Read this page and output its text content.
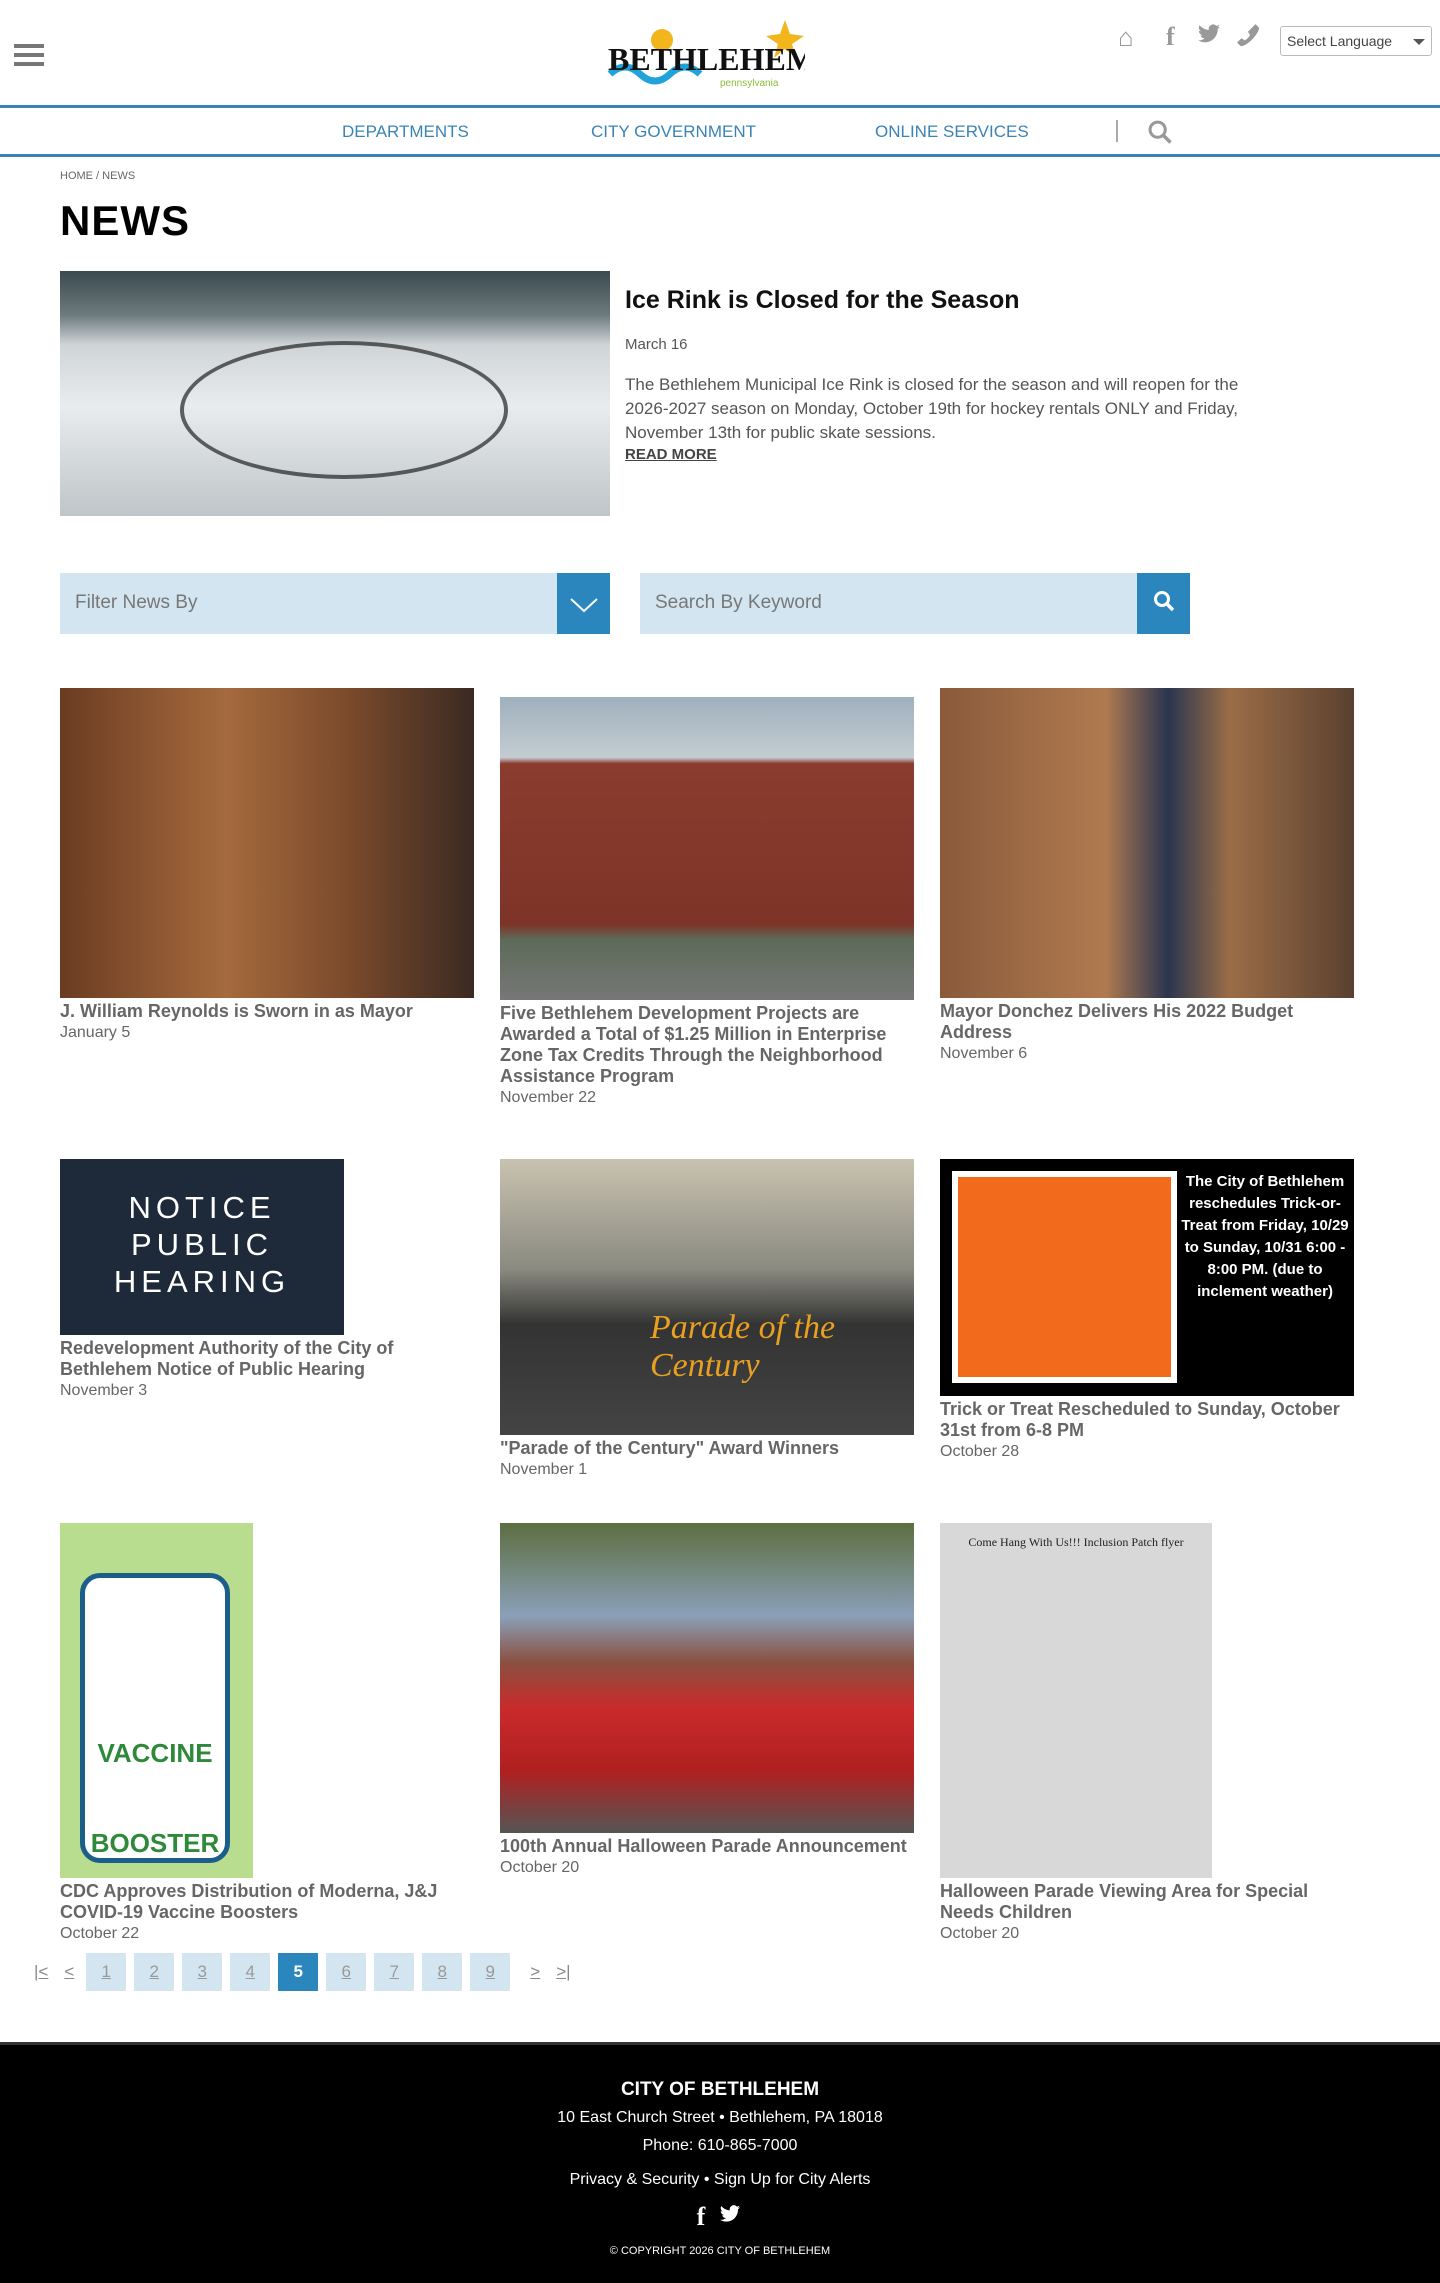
BETHLEHEM
pennsylvania
⌂ f	Select Language
DEPARTMENTS	CITY GOVERNMENT	ONLINE SERVICES
HOME / NEWS
NEWS
Ice Rink is Closed for the Season
March 16
The Bethlehem Municipal Ice Rink is closed for the season and will reopen for the 2026-2027 season on Monday, October 19th for hockey rentals ONLY and Friday, November 13th for public skate sessions.
READ MORE
Filter News By	Search By Keyword
J. William Reynolds is Sworn in as Mayor
January 5
Five Bethlehem Development Projects are Awarded a Total of $1.25 Million in Enterprise Zone Tax Credits Through the Neighborhood Assistance Program
November 22
Mayor Donchez Delivers His 2022 Budget Address
November 6
NOTICE PUBLIC HEARING
Redevelopment Authority of the City of Bethlehem Notice of Public Hearing
November 3
Parade of the Century
"Parade of the Century" Award Winners
November 1
The City of Bethlehem reschedules Trick-or-Treat from Friday, 10/29 to Sunday, 10/31 6:00 - 8:00 PM. (due to inclement weather)
Trick or Treat Rescheduled to Sunday, October 31st from 6-8 PM
October 28
VACCINE BOOSTER
CDC Approves Distribution of Moderna, J&J COVID-19 Vaccine Boosters
October 22
100th Annual Halloween Parade Announcement
October 20
Come Hang With Us!!! Inclusion Patch flyer
Halloween Parade Viewing Area for Special Needs Children
October 20
|< <	1	2	3	4	5	6	7	8	9	> >|
CITY OF BETHLEHEM
10 East Church Street • Bethlehem, PA 18018
Phone: 610-865-7000
Privacy & Security • Sign Up for City Alerts
f
© COPYRIGHT 2026 CITY OF BETHLEHEM
